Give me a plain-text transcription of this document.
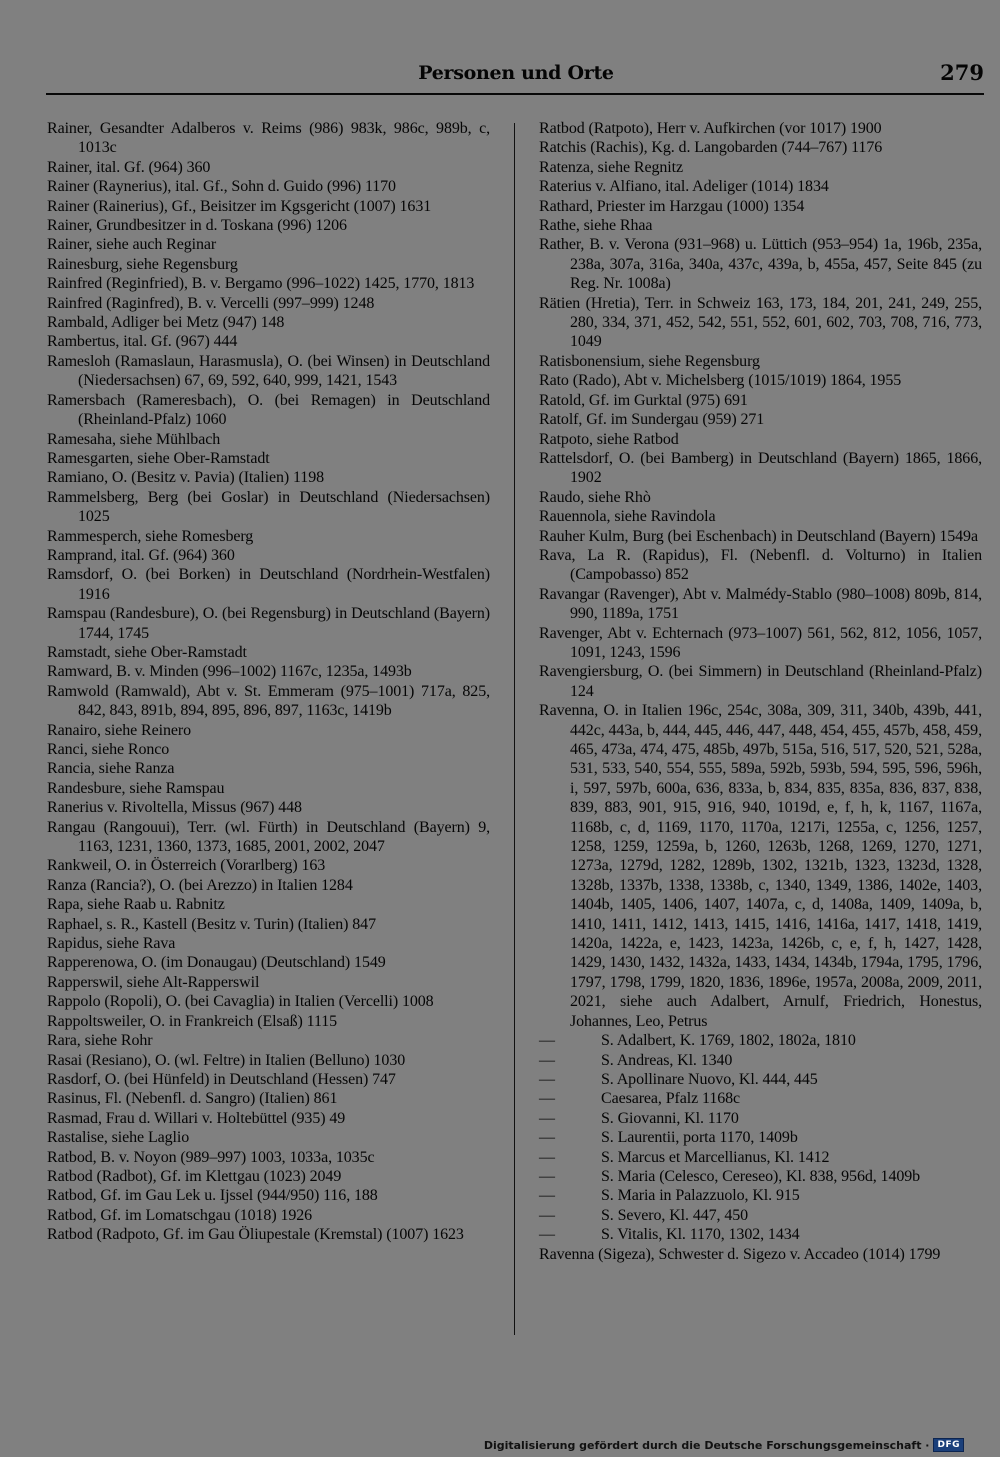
Personen und Orte	279
Rainer, Gesandter Adalberos v. Reims (986) 983k, 986c, 989b, c, 1013c
Rainer, ital. Gf. (964) 360
Rainer (Raynerius), ital. Gf., Sohn d. Guido (996) 1170
Rainer (Rainerius), Gf., Beisitzer im Kgsgericht (1007) 1631
Rainer, Grundbesitzer in d. Toskana (996) 1206
Rainer, siehe auch Reginar
Rainesburg, siehe Regensburg
Rainfred (Reginfried), B. v. Bergamo (996–1022) 1425, 1770, 1813
Rainfred (Raginfred), B. v. Vercelli (997–999) 1248
Rambald, Adliger bei Metz (947) 148
Rambertus, ital. Gf. (967) 444
Ramesloh (Ramaslaun, Harasmusla), O. (bei Winsen) in Deutschland (Niedersachsen) 67, 69, 592, 640, 999, 1421, 1543
Ramersbach (Rameresbach), O. (bei Remagen) in Deutschland (Rheinland-Pfalz) 1060
Ramesaha, siehe Mühlbach
Ramesgarten, siehe Ober-Ramstadt
Ramiano, O. (Besitz v. Pavia) (Italien) 1198
Rammelsberg, Berg (bei Goslar) in Deutschland (Niedersachsen) 1025
Rammesperch, siehe Romesberg
Ramprand, ital. Gf. (964) 360
Ramsdorf, O. (bei Borken) in Deutschland (Nordrhein-Westfalen) 1916
Ramspau (Randesbure), O. (bei Regensburg) in Deutschland (Bayern) 1744, 1745
Ramstadt, siehe Ober-Ramstadt
Ramward, B. v. Minden (996–1002) 1167c, 1235a, 1493b
Ramwold (Ramwald), Abt v. St. Emmeram (975–1001) 717a, 825, 842, 843, 891b, 894, 895, 896, 897, 1163c, 1419b
Ranairo, siehe Reinero
Ranci, siehe Ronco
Rancia, siehe Ranza
Randesbure, siehe Ramspau
Ranerius v. Rivoltella, Missus (967) 448
Rangau (Rangouui), Terr. (wl. Fürth) in Deutschland (Bayern) 9, 1163, 1231, 1360, 1373, 1685, 2001, 2002, 2047
Rankweil, O. in Österreich (Vorarlberg) 163
Ranza (Rancia?), O. (bei Arezzo) in Italien 1284
Rapa, siehe Raab u. Rabnitz
Raphael, s. R., Kastell (Besitz v. Turin) (Italien) 847
Rapidus, siehe Rava
Rapperenowa, O. (im Donaugau) (Deutschland) 1549
Rapperswil, siehe Alt-Rapperswil
Rappolo (Ropoli), O. (bei Cavaglia) in Italien (Vercelli) 1008
Rappoltsweiler, O. in Frankreich (Elsaß) 1115
Rara, siehe Rohr
Rasai (Resiano), O. (wl. Feltre) in Italien (Belluno) 1030
Rasdorf, O. (bei Hünfeld) in Deutschland (Hessen) 747
Rasinus, Fl. (Nebenfl. d. Sangro) (Italien) 861
Rasmad, Frau d. Willari v. Holtebüttel (935) 49
Rastalise, siehe Laglio
Ratbod, B. v. Noyon (989–997) 1003, 1033a, 1035c
Ratbod (Radbot), Gf. im Klettgau (1023) 2049
Ratbod, Gf. im Gau Lek u. Ijssel (944/950) 116, 188
Ratbod, Gf. im Lomatschgau (1018) 1926
Ratbod (Radpoto, Gf. im Gau Öliupestale (Kremstal) (1007) 1623
Ratbod (Ratpoto), Herr v. Aufkirchen (vor 1017) 1900
Ratchis (Rachis), Kg. d. Langobarden (744–767) 1176
Ratenza, siehe Regnitz
Raterius v. Alfiano, ital. Adeliger (1014) 1834
Rathard, Priester im Harzgau (1000) 1354
Rathe, siehe Rhaa
Rather, B. v. Verona (931–968) u. Lüttich (953–954) 1a, 196b, 235a, 238a, 307a, 316a, 340a, 437c, 439a, b, 455a, 457, Seite 845 (zu Reg. Nr. 1008a)
Rätien (Hretia), Terr. in Schweiz 163, 173, 184, 201, 241, 249, 255, 280, 334, 371, 452, 542, 551, 552, 601, 602, 703, 708, 716, 773, 1049
Ratisbonensium, siehe Regensburg
Rato (Rado), Abt v. Michelsberg (1015/1019) 1864, 1955
Ratold, Gf. im Gurktal (975) 691
Ratolf, Gf. im Sundergau (959) 271
Ratpoto, siehe Ratbod
Rattelsdorf, O. (bei Bamberg) in Deutschland (Bayern) 1865, 1866, 1902
Raudo, siehe Rhò
Rauennola, siehe Ravindola
Rauher Kulm, Burg (bei Eschenbach) in Deutschland (Bayern) 1549a
Rava, La R. (Rapidus), Fl. (Nebenfl. d. Volturno) in Italien (Campobasso) 852
Ravangar (Ravenger), Abt v. Malmédy-Stablo (980–1008) 809b, 814, 990, 1189a, 1751
Ravenger, Abt v. Echternach (973–1007) 561, 562, 812, 1056, 1057, 1091, 1243, 1596
Ravengiersburg, O. (bei Simmern) in Deutschland (Rheinland-Pfalz) 124
Ravenna, O. in Italien 196c, 254c, 308a, 309, 311, 340b, 439b, 441, 442c, 443a, b, 444, 445, 446, 447, 448, 454, 455, 457b, 458, 459, 465, 473a, 474, 475, 485b, 497b, 515a, 516, 517, 520, 521, 528a, 531, 533, 540, 554, 555, 589a, 592b, 593b, 594, 595, 596, 596h, i, 597, 597b, 600a, 636, 833a, b, 834, 835, 835a, 836, 837, 838, 839, 883, 901, 915, 916, 940, 1019d, e, f, h, k, 1167, 1167a, 1168b, c, d, 1169, 1170, 1170a, 1217i, 1255a, c, 1256, 1257, 1258, 1259, 1259a, b, 1260, 1263b, 1268, 1269, 1270, 1271, 1273a, 1279d, 1282, 1289b, 1302, 1321b, 1323, 1323d, 1328, 1328b, 1337b, 1338, 1338b, c, 1340, 1349, 1386, 1402e, 1403, 1404b, 1405, 1406, 1407, 1407a, c, d, 1408a, 1409, 1409a, b, 1410, 1411, 1412, 1413, 1415, 1416, 1416a, 1417, 1418, 1419, 1420a, 1422a, e, 1423, 1423a, 1426b, c, e, f, h, 1427, 1428, 1429, 1430, 1432, 1432a, 1433, 1434, 1434b, 1794a, 1795, 1796, 1797, 1798, 1799, 1820, 1836, 1896e, 1957a, 2008a, 2009, 2011, 2021, siehe auch Adalbert, Arnulf, Friedrich, Honestus, Johannes, Leo, Petrus
—	S. Adalbert, K. 1769, 1802, 1802a, 1810
—	S. Andreas, Kl. 1340
—	S. Apollinare Nuovo, Kl. 444, 445
—	Caesarea, Pfalz 1168c
—	S. Giovanni, Kl. 1170
—	S. Laurentii, porta 1170, 1409b
—	S. Marcus et Marcellianus, Kl. 1412
—	S. Maria (Celesco, Cereseo), Kl. 838, 956d, 1409b
—	S. Maria in Palazzuolo, Kl. 915
—	S. Severo, Kl. 447, 450
—	S. Vitalis, Kl. 1170, 1302, 1434
Ravenna (Sigeza), Schwester d. Sigezo v. Accadeo (1014) 1799
Digitalisierung gefördert durch die Deutsche Forschungsgemeinschaft · DFG
